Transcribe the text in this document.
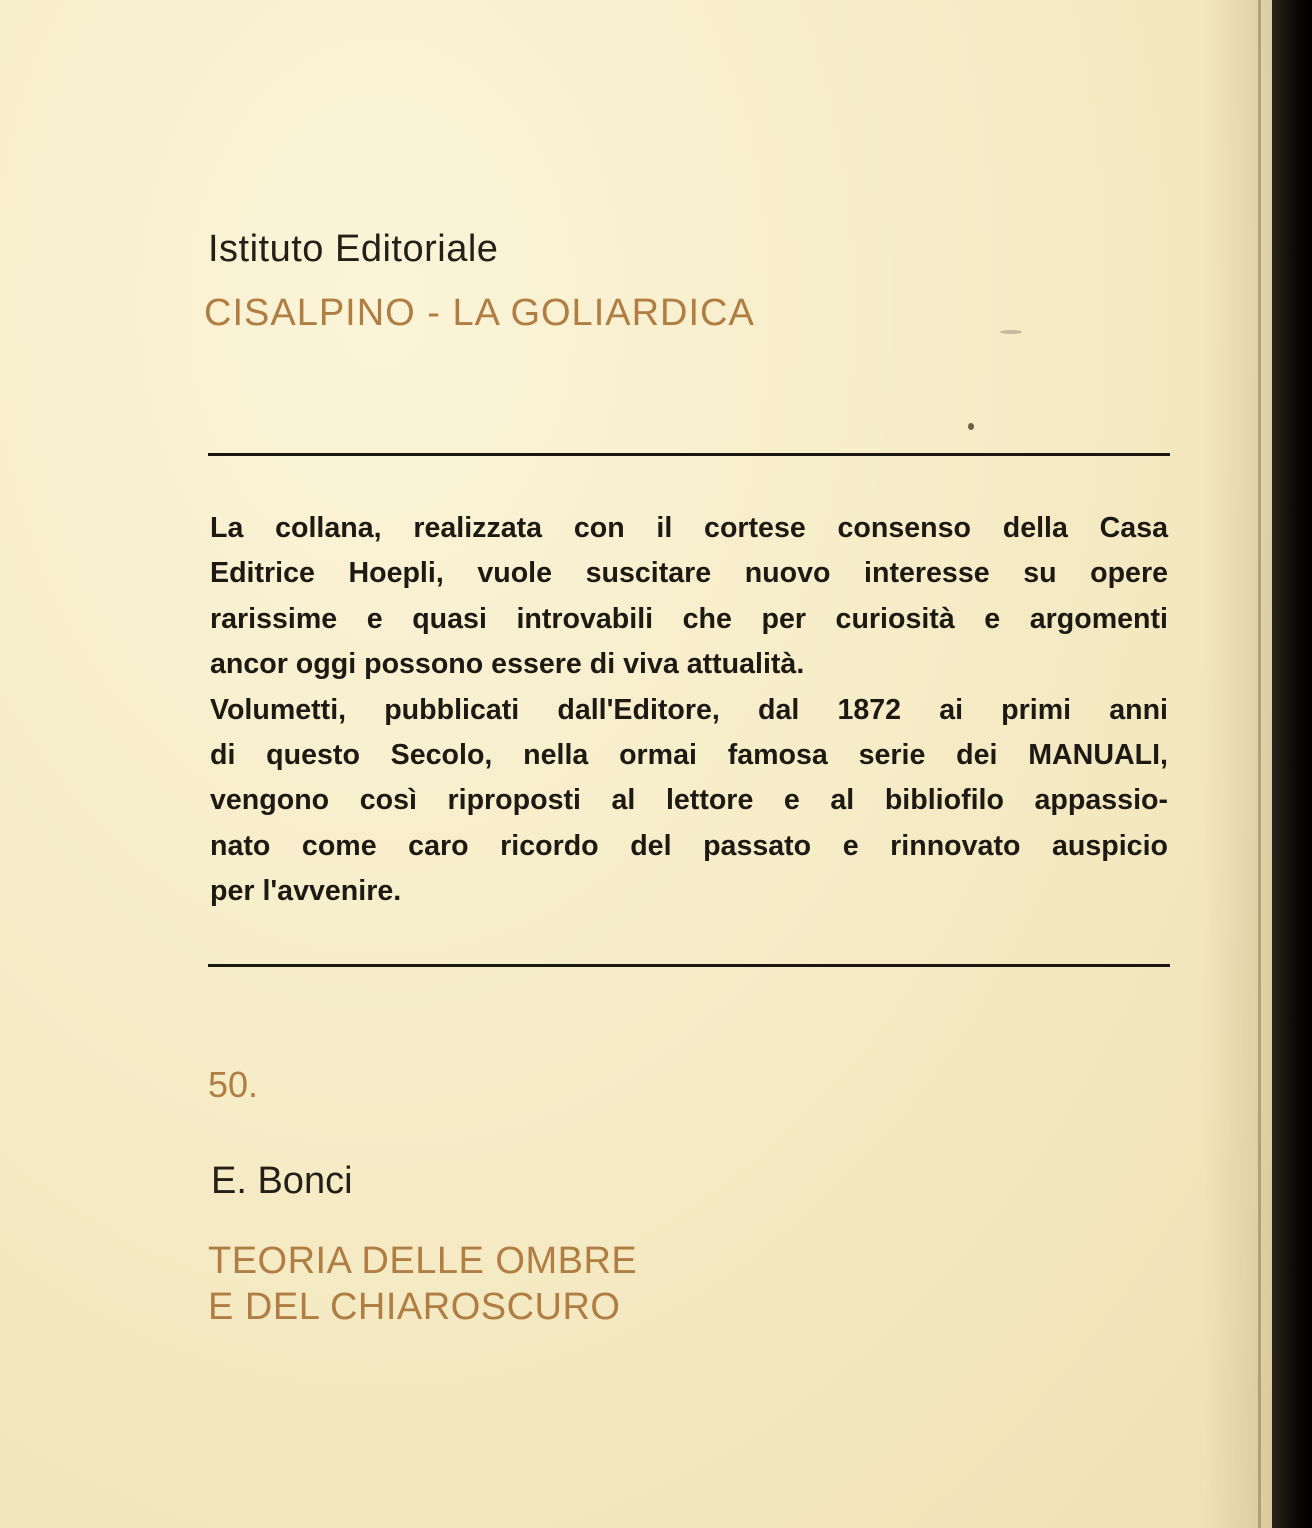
Istituto Editoriale
CISALPINO - LA GOLIARDICA

La collana, realizzata con il cortese consenso della Casa

Editrice Hoepli, vuole suscitare nuovo interesse su opere

rarissime e quasi introvabili che per curiosità e argomenti

ancor oggi possono essere di viva attualità.

Volumetti, pubblicati dall'Editore, dal 1872 ai primi anni

di questo Secolo, nella ormai famosa serie dei MANUALI,

vengono così riproposti al lettore e al bibliofilo appassio-

nato come caro ricordo del passato e rinnovato auspicio

per l'avvenire.

50.
E. Bonci
TEORIA DELLE OMBRE
E DEL CHIAROSCURO
